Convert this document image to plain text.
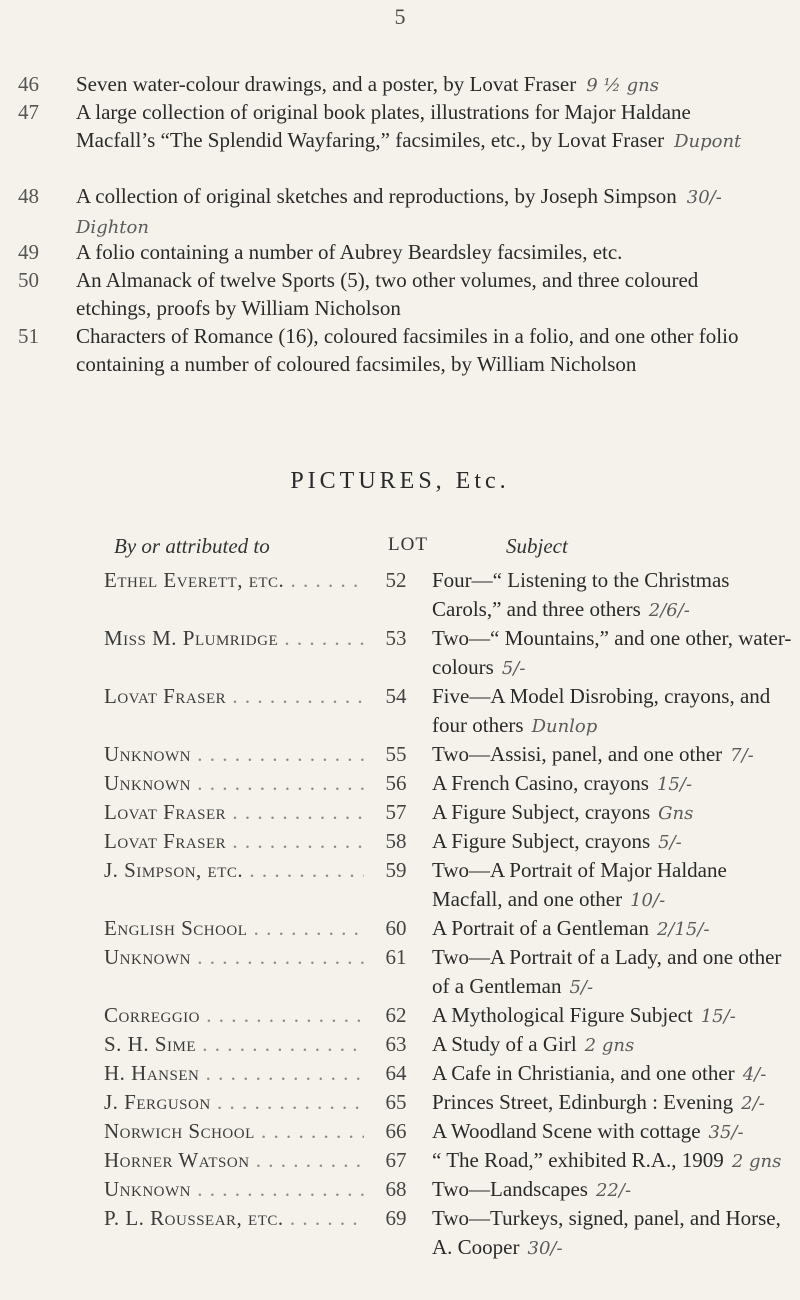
5
46	Seven water-colour drawings, and a poster, by Lovat Fraser 9 ½ gns
47	A large collection of original book plates, illustrations for Major Haldane Macfall’s “The Splendid Wayfaring,” facsimiles, etc., by Lovat Fraser Dupont
48	A collection of original sketches and reproductions, by Joseph Simpson 30/- Dighton
49	A folio containing a number of Aubrey Beardsley facsimiles, etc.
50	An Almanack of twelve Sports (5), two other volumes, and three coloured etchings, proofs by William Nicholson
51	Characters of Romance (16), coloured facsimiles in a folio, and one other folio containing a number of coloured facsimiles, by William Nicholson
PICTURES, Etc.
By or attributed to	LOT	Subject
Ethel Everett, etc. . . .	52	Four—“ Listening to the Christmas Carols,” and three others 2/6/-
Miss M. Plumridge . . .	53	Two—“ Mountains,” and one other, water-colours 5/-
Lovat Fraser . . .	54	Five—A Model Disrobing, crayons, and four others Dunlop
Unknown . . .	55	Two—Assisi, panel, and one other 7/-
Unknown . . .	56	A French Casino, crayons 15/-
Lovat Fraser . . .	57	A Figure Subject, crayons Gns
Lovat Fraser . . .	58	A Figure Subject, crayons 5/-
J. Simpson, etc. . . .	59	Two—A Portrait of Major Haldane Macfall, and one other 10/-
English School . . .	60	A Portrait of a Gentleman 2/15/-
Unknown . . .	61	Two—A Portrait of a Lady, and one other of a Gentleman 5/-
Correggio . . .	62	A Mythological Figure Subject 15/-
S. H. Sime . . .	63	A Study of a Girl 2 gns
H. Hansen . . .	64	A Cafe in Christiania, and one other 4/-
J. Ferguson . . .	65	Princes Street, Edinburgh : Evening 2/-
Norwich School . . .	66	A Woodland Scene with cottage 35/-
Horner Watson . . .	67	“ The Road,” exhibited R.A., 1909 2 gns
Unknown . . .	68	Two—Landscapes 22/-
P. L. Roussear, etc. . . .	69	Two—Turkeys, signed, panel, and Horse, A. Cooper 30/-
